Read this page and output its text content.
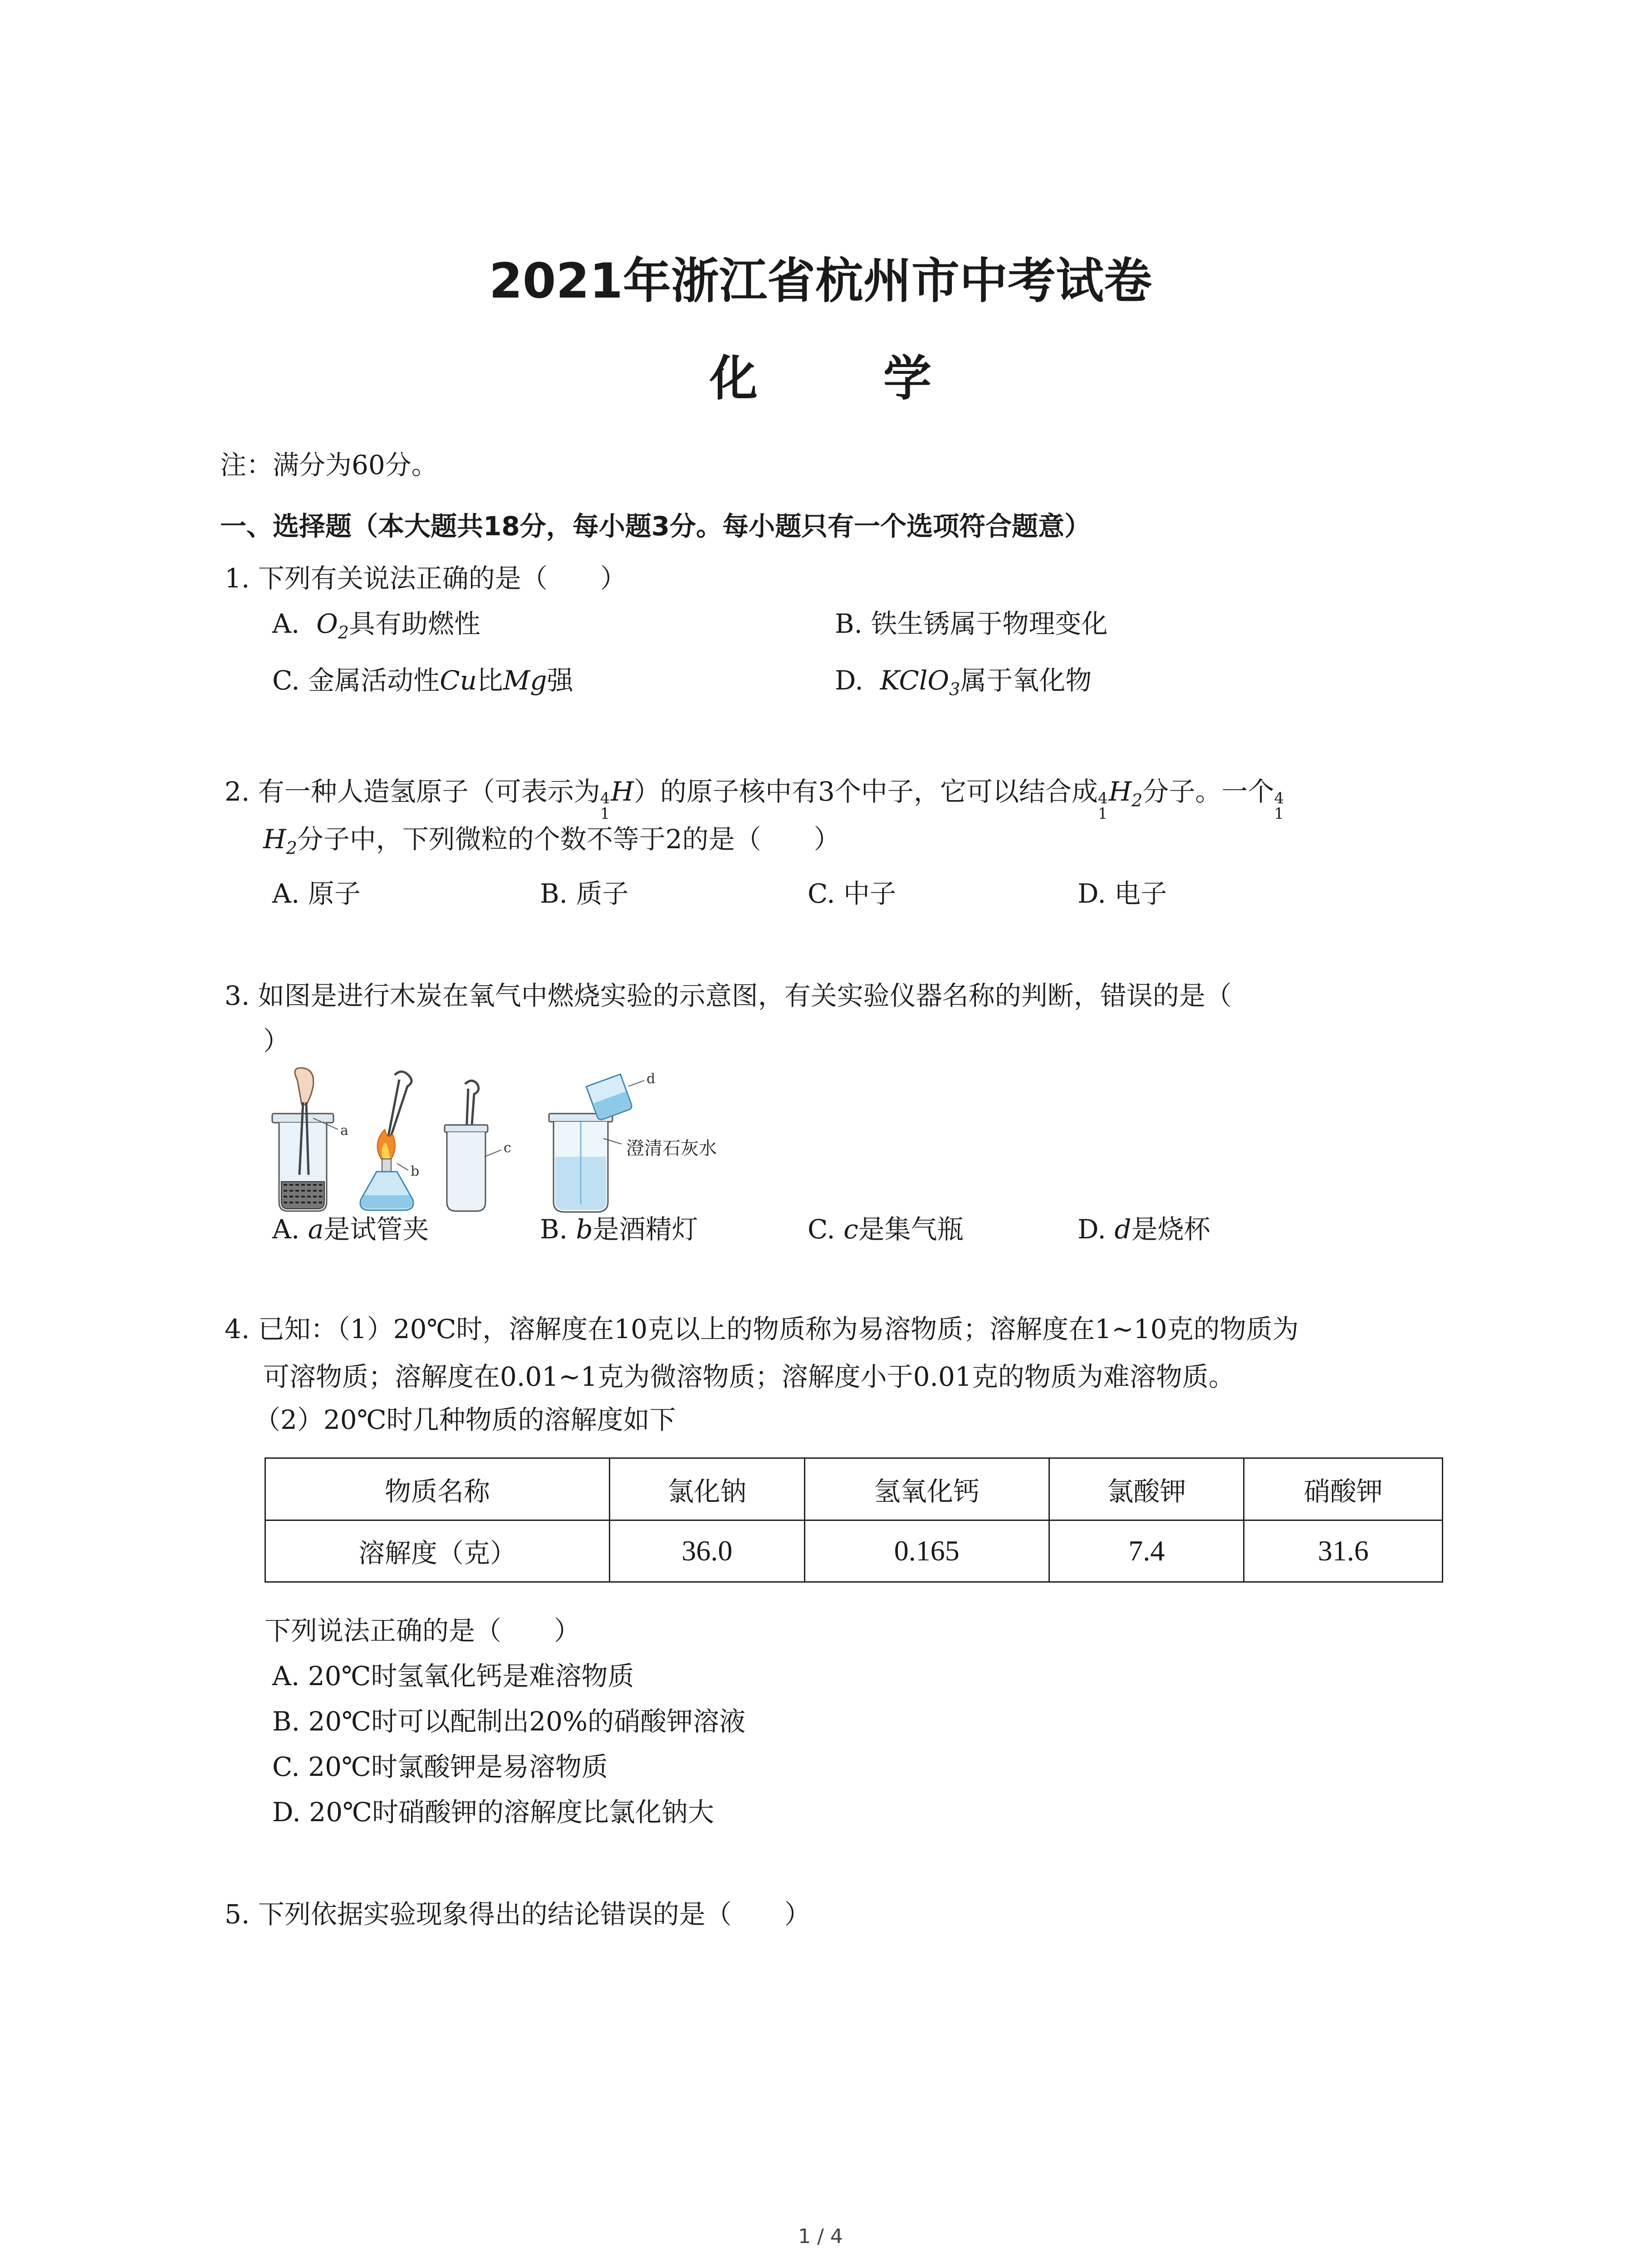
2021年浙江省杭州市中考试卷
化 学

注：满分为60分。

一、选择题（本大题共18分，每小题3分。每小题只有一个选项符合题意）

1. 下列有关说法正确的是（　　）

A. $O_2$具有助燃性	B. 铁生锈属于物理变化

C. 金属活动性Cu比Mg强	D. KClO$_3$属于氧化物

2. 有一种人造氢原子（可表示为 4
1
H）的原子核中有3个中子，它可以结合成 4
1
$H_2$分子。一个 4
1

$H_2$分子中，下列微粒的个数不等于2的是（　　）

A. 原子	B. 质子	C. 中子	D. 电子

3. 如图是进行木炭在氧气中燃烧实验的示意图，有关实验仪器名称的判断，错误的是（

）

a
b
c
d
澄清石灰水

A. a是试管夹	B. b是酒精灯	C. c是集气瓶	D. d是烧杯

4. 已知：（1）20℃时，溶解度在10克以上的物质称为易溶物质；溶解度在1~10克的物质为

可溶物质；溶解度在0.01~1克为微溶物质；溶解度小于0.01克的物质为难溶物质。

（2）20℃时几种物质的溶解度如下

物质名称	氯化钠	氢氧化钙	氯酸钾	硝酸钾
溶解度（克）	36.0	0.165	7.4	31.6

下列说法正确的是（　　）

A. 20℃时氢氧化钙是难溶物质

B. 20℃时可以配制出20%的硝酸钾溶液

C. 20℃时氯酸钾是易溶物质

D. 20℃时硝酸钾的溶解度比氯化钠大

5. 下列依据实验现象得出的结论错误的是（　　）

1 / 4
